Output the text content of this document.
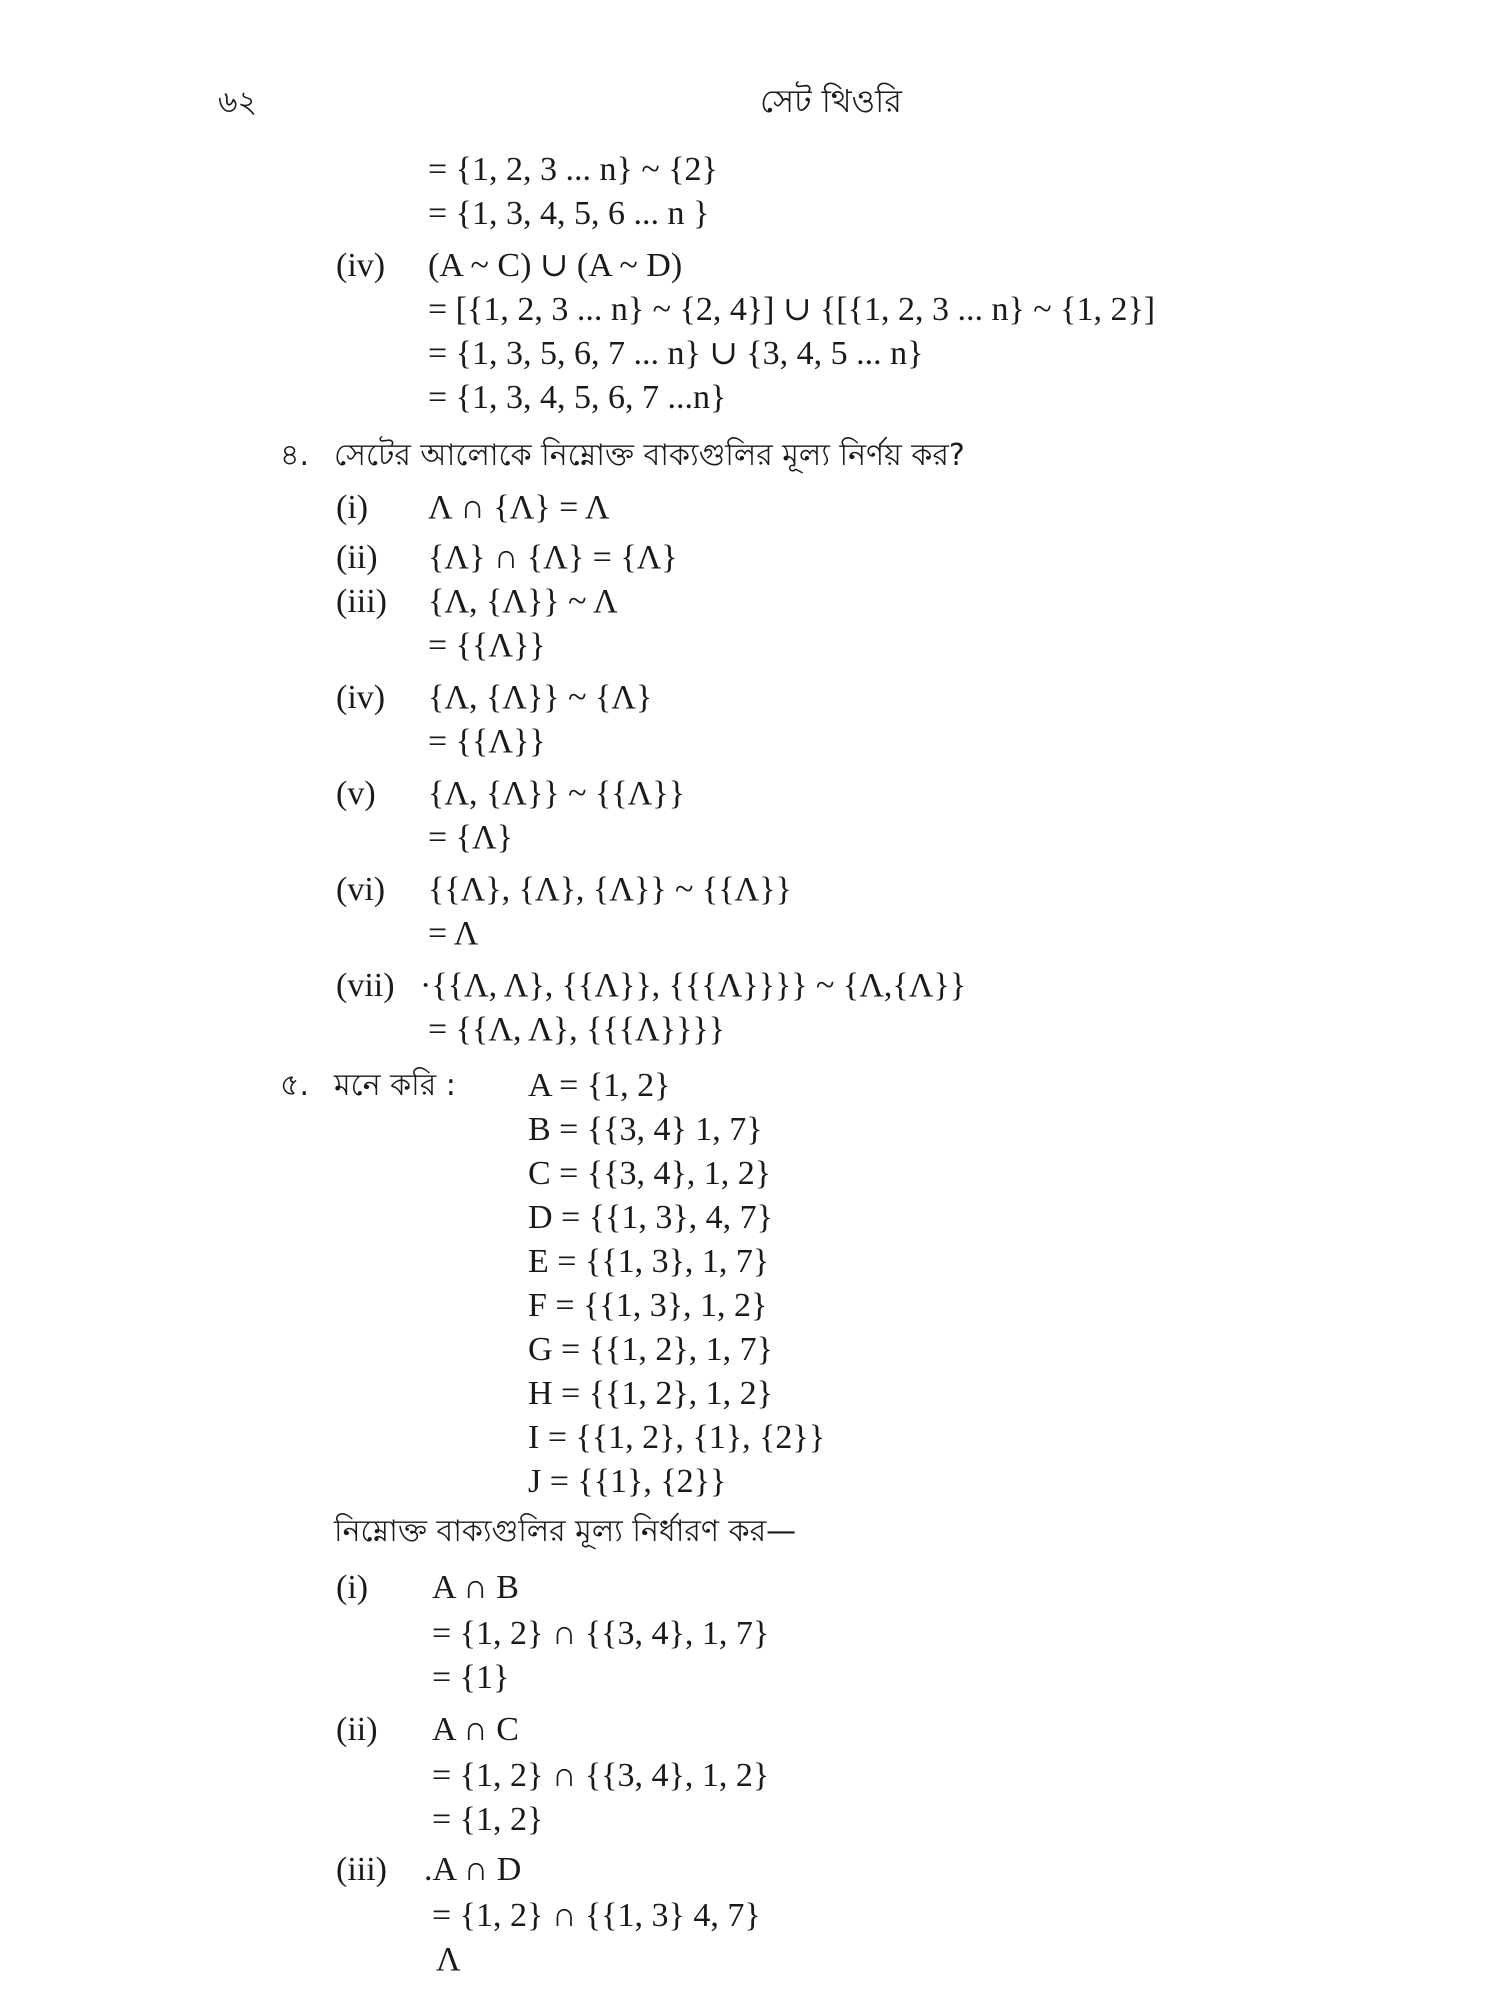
৬২	সেট থিওরি
= {1, 2, 3 ... n} ~ {2}
= {1, 3, 4, 5, 6 ... n }
(iv) (A ~ C) ∪ (A ~ D)
= [{1, 2, 3 ... n} ~ {2, 4}] ∪ {[{1, 2, 3 ... n} ~ {1, 2}]
= {1, 3, 5, 6, 7 ... n} ∪ {3, 4, 5 ... n}
= {1, 3, 4, 5, 6, 7 ...n}
৪. সেটের আলোকে নিম্নোক্ত বাক্যগুলির মূল্য নির্ণয় কর?
(i) Λ ∩ {Λ} = Λ
(ii) {Λ} ∩ {Λ} = {Λ}
(iii) {Λ, {Λ}} ~ Λ
= {{Λ}}
(iv) {Λ, {Λ}} ~ {Λ}
= {{Λ}}
(v) {Λ, {Λ}} ~ {{Λ}}
= {Λ}
(vi) {{Λ}, {Λ}, {Λ}} ~ {{Λ}}
= Λ
(vii) ·{{Λ, Λ}, {{Λ}}, {{{Λ}}}} ~ {Λ,{Λ}}
= {{Λ, Λ}, {{{Λ}}}}
৫. মনে করি : A = {1, 2}
B = {{3, 4} 1, 7}
C = {{3, 4}, 1, 2}
D = {{1, 3}, 4, 7}
E = {{1, 3}, 1, 7}
F = {{1, 3}, 1, 2}
G = {{1, 2}, 1, 7}
H = {{1, 2}, 1, 2}
I = {{1, 2}, {1}, {2}}
J = {{1}, {2}}
নিম্নোক্ত বাক্যগুলির মূল্য নির্ধারণ কর—
(i) A ∩ B
= {1, 2} ∩ {{3, 4}, 1, 7}
= {1}
(ii) A ∩ C
= {1, 2} ∩ {{3, 4}, 1, 2}
= {1, 2}
(iii) .A ∩ D
= {1, 2} ∩ {{1, 3} 4, 7}
Λ
